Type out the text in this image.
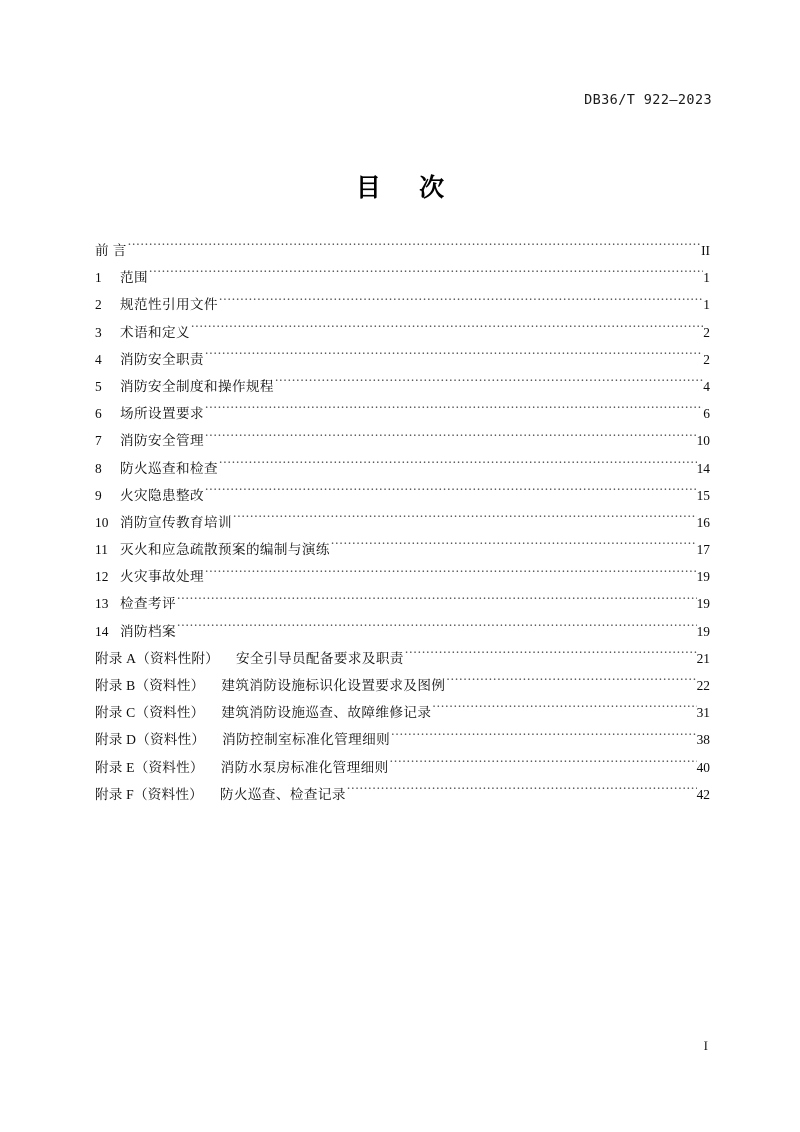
DB36/T 922—2023
目 次
前 言 .....	II
1	范围 .....	1
2	规范性引用文件 .....	1
3	术语和定义 .....	2
4	消防安全职责 .....	2
5	消防安全制度和操作规程 .....	4
6	场所设置要求 .....	6
7	消防安全管理 .....	10
8	防火巡查和检查 .....	14
9	火灾隐患整改 .....	15
10 消防宣传教育培训 .....	16
11 灭火和应急疏散预案的编制与演练 .....	17
12 火灾事故处理 .....	19
13 检查考评 .....	19
14 消防档案 .....	19
附录 A（资料性附） 安全引导员配备要求及职责 .....	21
附录 B（资料性） 建筑消防设施标识化设置要求及图例 .....	22
附录 C（资料性） 建筑消防设施巡查、故障维修记录 .....	31
附录 D（资料性） 消防控制室标准化管理细则 .....	38
附录 E（资料性） 消防水泵房标准化管理细则 .....	40
附录 F（资料性） 防火巡查、检查记录 .....	42
I
